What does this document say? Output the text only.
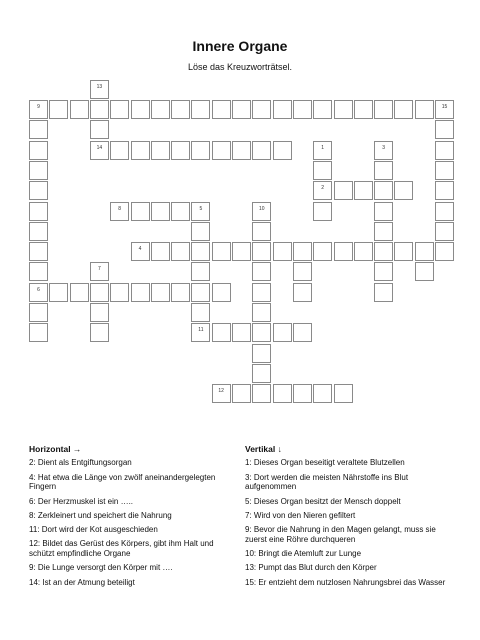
Innere Organe
Löse das Kreuzworträtsel.
9	15
14
2
8	5
4
6
11
12
13
1	3
10
7
Horizontal →
2: Dient als Entgiftungsorgan
4: Hat etwa die Länge von zwölf aneinandergelegten Fingern
6: Der Herzmuskel ist ein …..
8: Zerkleinert und speichert die Nahrung
11: Dort wird der Kot ausgeschieden
12: Bildet das Gerüst des Körpers, gibt ihm Halt und schützt empfindliche Organe
9: Die Lunge versorgt den Körper mit ….
14: Ist an der Atmung beteiligt
Vertikal ↓
1: Dieses Organ beseitigt veraltete Blutzellen
3: Dort werden die meisten Nährstoffe ins Blut aufgenommen
5: Dieses Organ besitzt der Mensch doppelt
7: Wird von den Nieren gefiltert
9: Bevor die Nahrung in den Magen gelangt, muss sie zuerst eine Röhre durchqueren
10: Bringt die Atemluft zur Lunge
13: Pumpt das Blut durch den Körper
15: Er entzieht dem nutzlosen Nahrungsbrei das Wasser
